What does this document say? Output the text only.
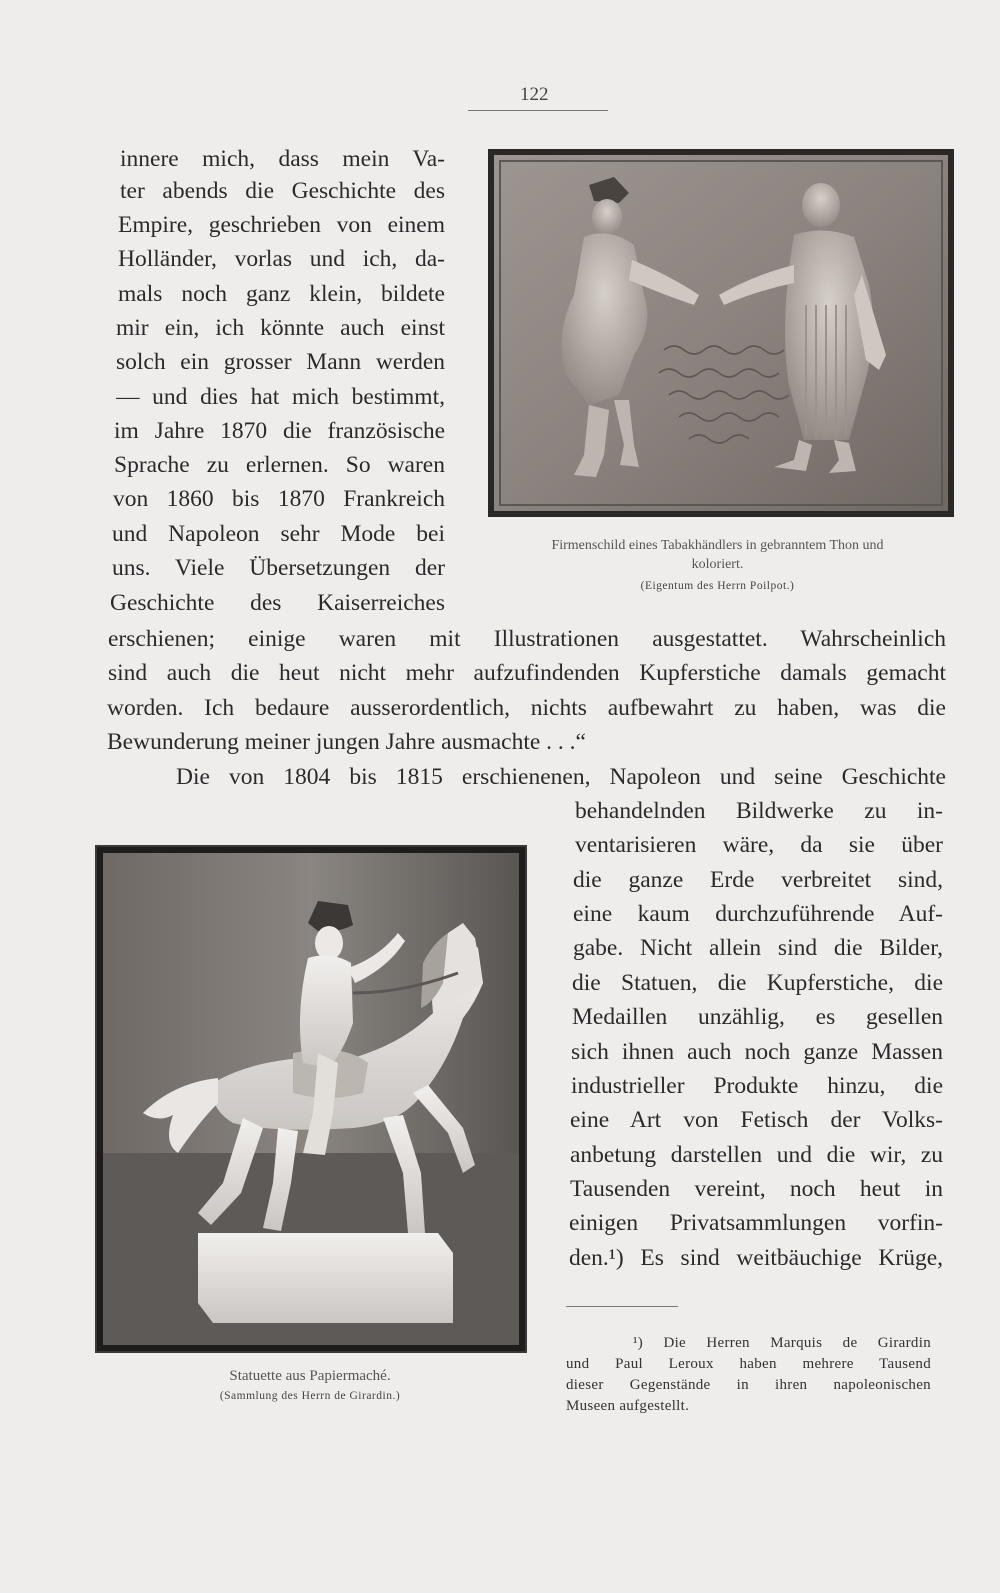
122
innere mich, dass mein Va-
ter abends die Geschichte des
Empire, geschrieben von einem
Holländer, vorlas und ich, da-
mals noch ganz klein, bildete
mir ein, ich könnte auch einst
solch ein grosser Mann werden
— und dies hat mich bestimmt,
im Jahre 1870 die französische
Sprache zu erlernen. So waren
von 1860 bis 1870 Frankreich
und Napoleon sehr Mode bei
uns. Viele Übersetzungen der
Geschichte des Kaiserreiches
Firmenschild eines Tabakhändlers in gebranntem Thon und
koloriert.
(Eigentum des Herrn Poilpot.)
erschienen; einige waren mit Illustrationen ausgestattet. Wahrscheinlich
sind auch die heut nicht mehr aufzufindenden Kupferstiche damals gemacht
worden. Ich bedaure ausserordentlich, nichts aufbewahrt zu haben, was die
Bewunderung meiner jungen Jahre ausmachte . . .“
Die von 1804 bis 1815 erschienenen, Napoleon und seine Geschichte
Statuette aus Papiermaché.
(Sammlung des Herrn de Girardin.)
behandelnden Bildwerke zu in-
ventarisieren wäre, da sie über
die ganze Erde verbreitet sind,
eine kaum durchzuführende Auf-
gabe. Nicht allein sind die Bilder,
die Statuen, die Kupferstiche, die
Medaillen unzählig, es gesellen
sich ihnen auch noch ganze Massen
industrieller Produkte hinzu, die
eine Art von Fetisch der Volks-
anbetung darstellen und die wir, zu
Tausenden vereint, noch heut in
einigen Privatsammlungen vorfin-
den.¹) Es sind weitbäuchige Krüge,
¹) Die Herren Marquis de Girardin
und Paul Leroux haben mehrere Tausend
dieser Gegenstände in ihren napoleonischen
Museen aufgestellt.
